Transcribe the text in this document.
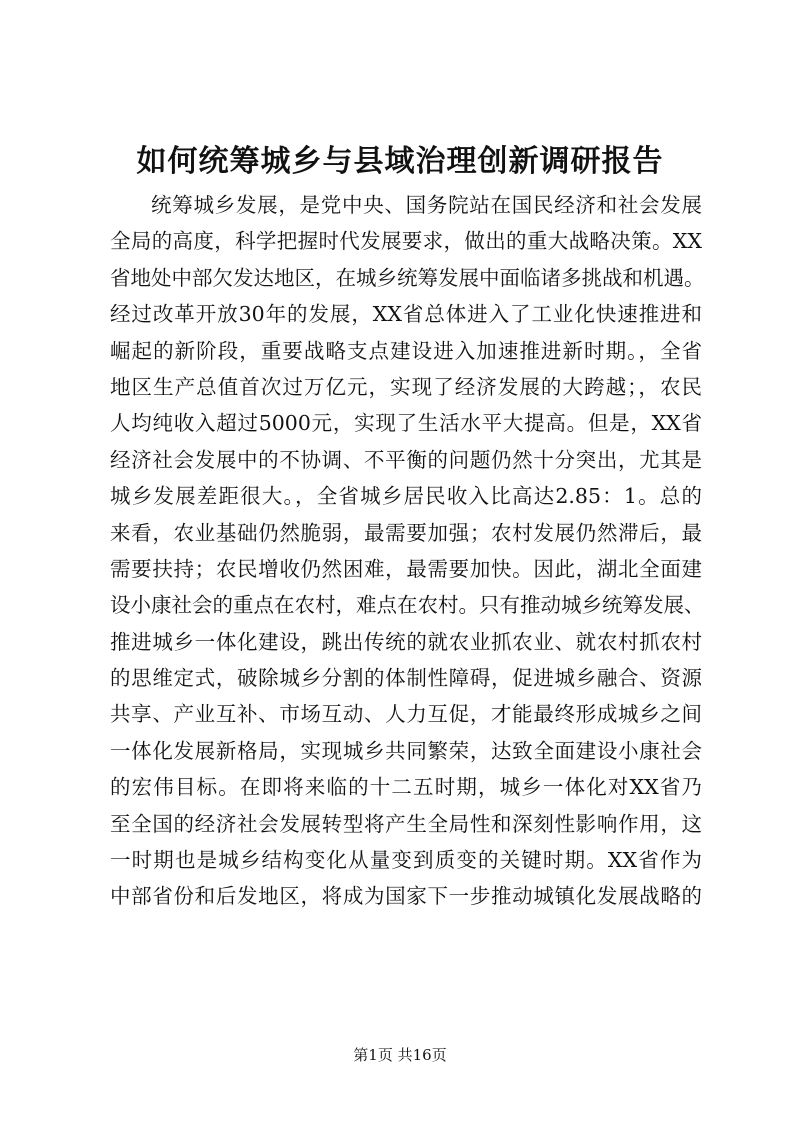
如何统筹城乡与县域治理创新调研报告
统筹城乡发展，是党中央、国务院站在国民经济和社会发展
全局的高度，科学把握时代发展要求，做出的重大战略决策。XX
省地处中部欠发达地区，在城乡统筹发展中面临诸多挑战和机遇。
经过改革开放30年的发展，XX省总体进入了工业化快速推进和
崛起的新阶段，重要战略支点建设进入加速推进新时期。，全省
地区生产总值首次过万亿元，实现了经济发展的大跨越；，农民
人均纯收入超过5000元，实现了生活水平大提高。但是，XX省
经济社会发展中的不协调、不平衡的问题仍然十分突出，尤其是
城乡发展差距很大。，全省城乡居民收入比高达2.85：1。总的
来看，农业基础仍然脆弱，最需要加强；农村发展仍然滞后，最
需要扶持；农民增收仍然困难，最需要加快。因此，湖北全面建
设小康社会的重点在农村，难点在农村。只有推动城乡统筹发展、
推进城乡一体化建设，跳出传统的就农业抓农业、就农村抓农村
的思维定式，破除城乡分割的体制性障碍，促进城乡融合、资源
共享、产业互补、市场互动、人力互促，才能最终形成城乡之间
一体化发展新格局，实现城乡共同繁荣，达致全面建设小康社会
的宏伟目标。在即将来临的十二五时期，城乡一体化对XX省乃
至全国的经济社会发展转型将产生全局性和深刻性影响作用，这
一时期也是城乡结构变化从量变到质变的关键时期。XX省作为
中部省份和后发地区，将成为国家下一步推动城镇化发展战略的
第1页 共16页
